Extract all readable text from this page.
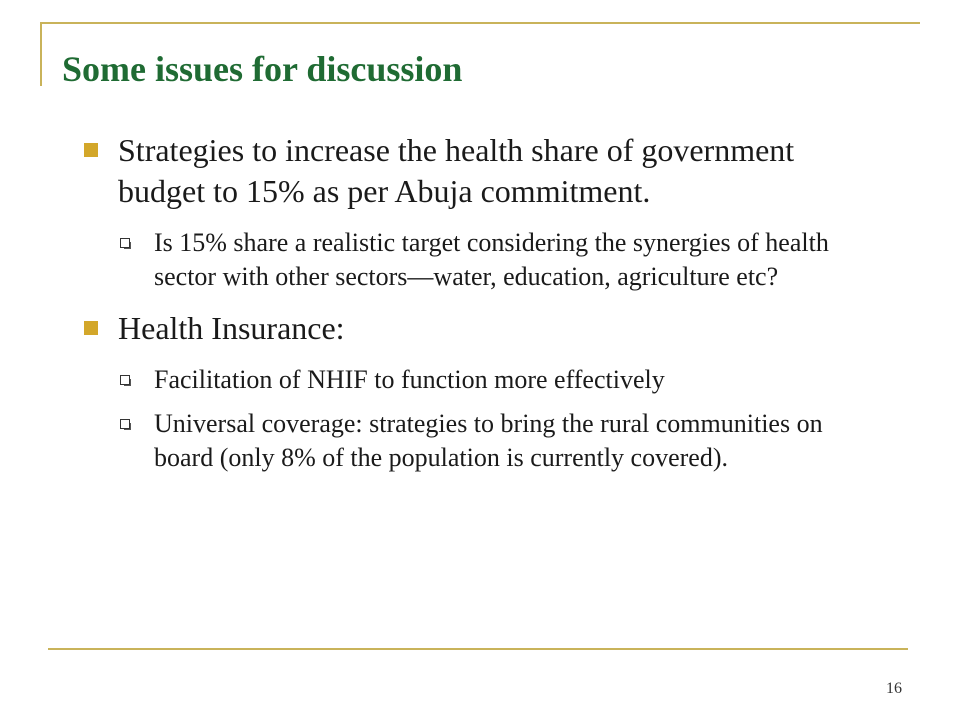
Some issues for discussion
Strategies to increase the health share of government budget to 15% as per Abuja commitment.
Is 15% share a realistic target considering the synergies of health sector with other sectors—water, education, agriculture etc?
Health Insurance:
Facilitation of NHIF to function more effectively
Universal coverage: strategies to bring the rural communities on board (only 8% of the population is currently covered).
16
